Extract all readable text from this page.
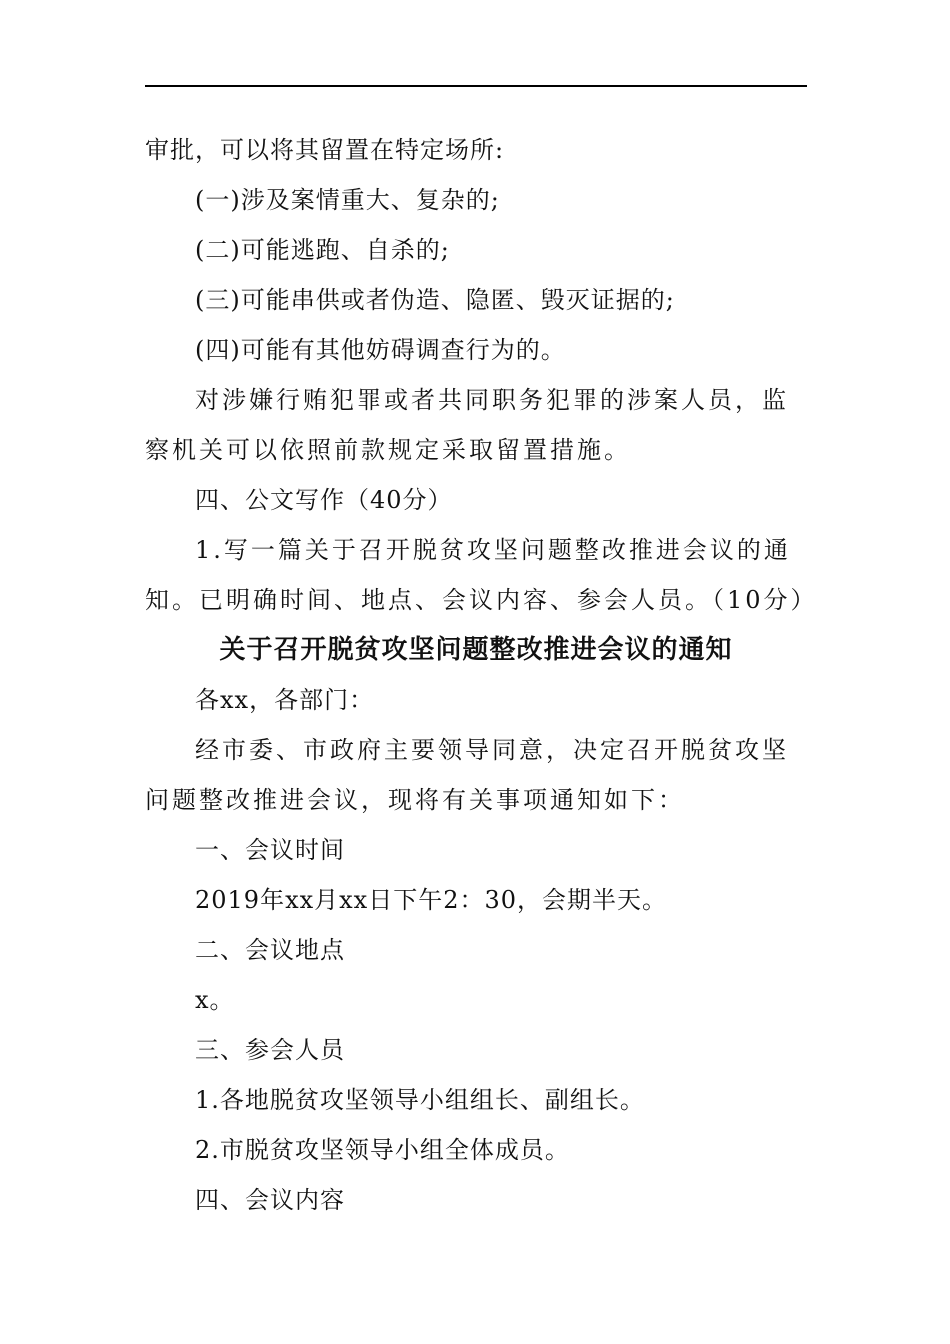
审批，可以将其留置在特定场所:
(一)涉及案情重大、复杂的;
(二)可能逃跑、自杀的;
(三)可能串供或者伪造、隐匿、毁灭证据的;
(四)可能有其他妨碍调查行为的。
对涉嫌行贿犯罪或者共同职务犯罪的涉案人员，监察机关可以依照前款规定采取留置措施。
四、公文写作（40分）
1.写一篇关于召开脱贫攻坚问题整改推进会议的通知。已明确时间、地点、会议内容、参会人员。（10分）
关于召开脱贫攻坚问题整改推进会议的通知
各xx，各部门：
经市委、市政府主要领导同意，决定召开脱贫攻坚问题整改推进会议，现将有关事项通知如下：
一、会议时间
2019年xx月xx日下午2：30，会期半天。
二、会议地点
x。
三、参会人员
1.各地脱贫攻坚领导小组组长、副组长。
2.市脱贫攻坚领导小组全体成员。
四、会议内容
